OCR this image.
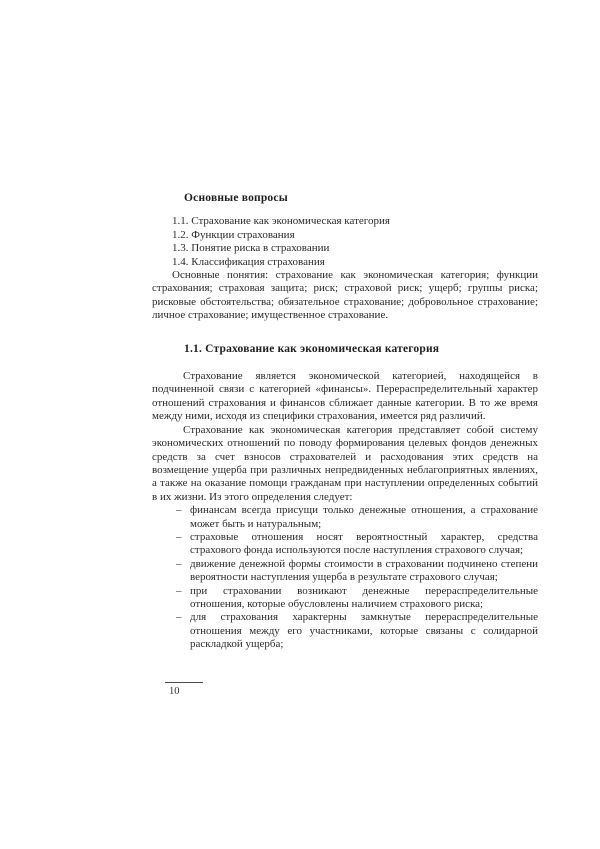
Основные вопросы
1.1. Страхование как экономическая категория
1.2. Функции страхования
1.3. Понятие риска в страховании
1.4. Классификация страхования

Основные понятия: страхование как экономическая категория; функции страхования; страховая защита; риск; страховой риск; ущерб; группы риска; рисковые обстоятельства; обязательное страхование; добровольное страхование; личное страхование; имущественное страхование.

1.1. Страхование как экономическая категория

Страхование является экономической категорией, находящейся в подчиненной связи с категорией «финансы». Перераспределительный характер отношений страхования и финансов сближает данные категории. В то же время между ними, исходя из специфики страхования, имеется ряд различий.

Страхование как экономическая категория представляет собой систему экономических отношений по поводу формирования целевых фондов денежных средств за счет взносов страхователей и расходования этих средств на возмещение ущерба при различных непредвиденных неблагоприятных явлениях, а также на оказание помощи гражданам при наступлении определенных событий в их жизни. Из этого определения следует:

– финансам всегда присущи только денежные отношения, а страхование может быть и натуральным;
– страховые отношения носят вероятностный характер, средства страхового фонда используются после наступления страхового случая;
– движение денежной формы стоимости в страховании подчинено степени вероятности наступления ущерба в результате страхового случая;
– при страховании возникают денежные перераспределительные отношения, которые обусловлены наличием страхового риска;
– для страхования характерны замкнутые перераспределительные отношения между его участниками, которые связаны с солидарной раскладкой ущерба;
10
